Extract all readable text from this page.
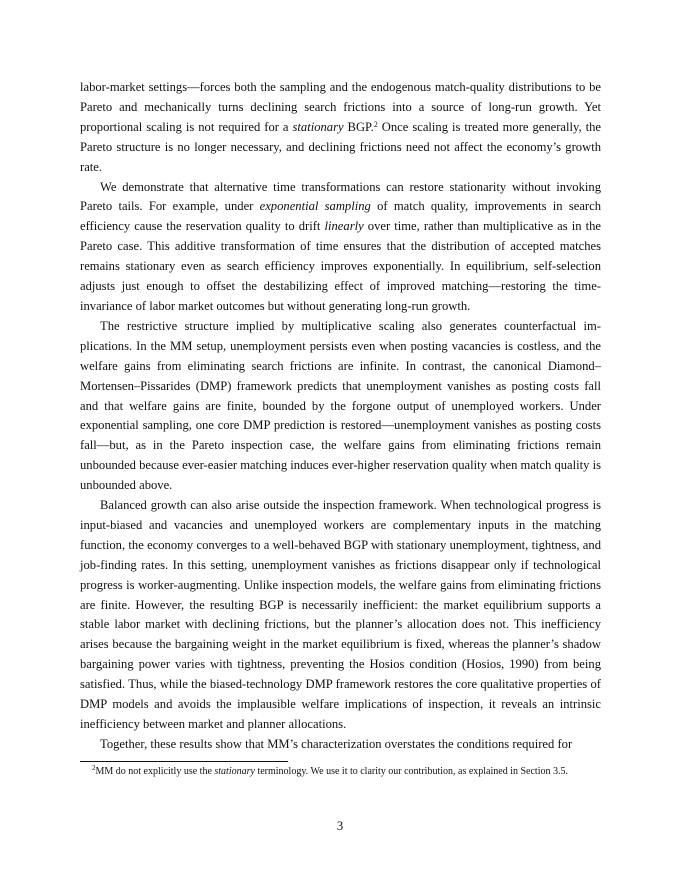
labor-market settings—forces both the sampling and the endogenous match-quality distributions to be Pareto and mechanically turns declining search frictions into a source of long-run growth. Yet proportional scaling is not required for a stationary BGP.$^2$ Once scaling is treated more generally, the Pareto structure is no longer necessary, and declining frictions need not affect the economy’s growth rate.

We demonstrate that alternative time transformations can restore stationarity without invoking Pareto tails. For example, under exponential sampling of match quality, improvements in search efficiency cause the reservation quality to drift linearly over time, rather than multiplicative as in the Pareto case. This additive transformation of time ensures that the distribution of accepted matches remains stationary even as search efficiency improves exponentially. In equilibrium, self-selection adjusts just enough to offset the destabilizing effect of improved matching—restoring the time-invariance of labor market outcomes but without generating long-run growth.

The restrictive structure implied by multiplicative scaling also generates counterfactual implications. In the MM setup, unemployment persists even when posting vacancies is costless, and the welfare gains from eliminating search frictions are infinite. In contrast, the canonical Diamond–Mortensen–Pissarides (DMP) framework predicts that unemployment vanishes as posting costs fall and that welfare gains are finite, bounded by the forgone output of unemployed workers. Under exponential sampling, one core DMP prediction is restored—unemployment vanishes as posting costs fall—but, as in the Pareto inspection case, the welfare gains from eliminating frictions remain unbounded because ever-easier matching induces ever-higher reservation quality when match quality is unbounded above.

Balanced growth can also arise outside the inspection framework. When technological progress is input-biased and vacancies and unemployed workers are complementary inputs in the matching function, the economy converges to a well-behaved BGP with stationary unemployment, tightness, and job-finding rates. In this setting, unemployment vanishes as frictions disappear only if technological progress is worker-augmenting. Unlike inspection models, the welfare gains from eliminating frictions are finite. However, the resulting BGP is necessarily inefficient: the market equilibrium supports a stable labor market with declining frictions, but the planner’s allocation does not. This inefficiency arises because the bargaining weight in the market equilibrium is fixed, whereas the planner’s shadow bargaining power varies with tightness, preventing the Hosios condition (Hosios, 1990) from being satisfied. Thus, while the biased-technology DMP framework restores the core qualitative properties of DMP models and avoids the implausible welfare implications of inspection, it reveals an intrinsic inefficiency between market and planner allocations.

Together, these results show that MM’s characterization overstates the conditions required for

$^2$MM do not explicitly use the stationary terminology. We use it to clarity our contribution, as explained in Section 3.5.

3
